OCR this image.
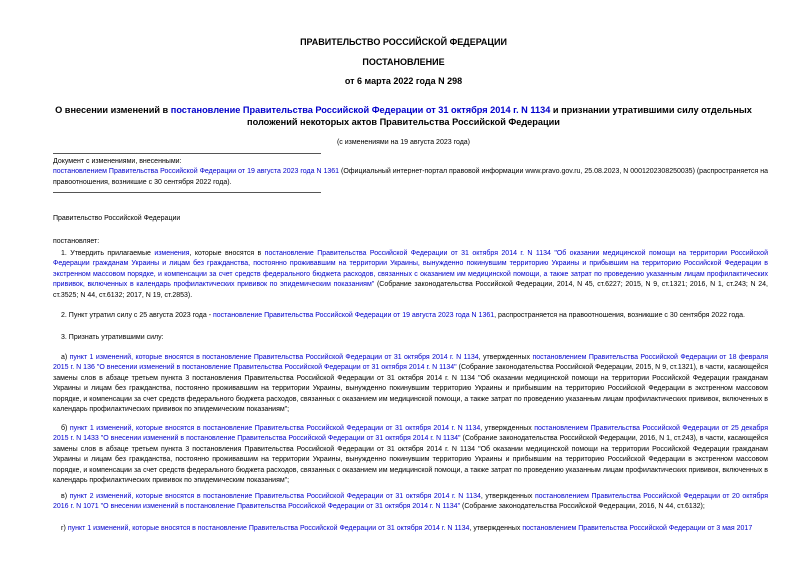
ПРАВИТЕЛЬСТВО РОССИЙСКОЙ ФЕДЕРАЦИИ
ПОСТАНОВЛЕНИЕ
от 6 марта 2022 года N 298
О внесении изменений в постановление Правительства Российской Федерации от 31 октября 2014 г. N 1134 и признании утратившими силу отдельных положений некоторых актов Правительства Российской Федерации
(с изменениями на 19 августа 2023 года)
Документ с изменениями, внесенными:
постановлением Правительства Российской Федерации от 19 августа 2023 года N 1361 (Официальный интернет-портал правовой информации www.pravo.gov.ru, 25.08.2023, N 0001202308250035) (распространяется на правоотношения, возникшие с 30 сентября 2022 года).
Правительство Российской Федерации
постановляет:
1. Утвердить прилагаемые изменения, которые вносятся в постановление Правительства Российской Федерации от 31 октября 2014 г. N 1134 "Об оказании медицинской помощи на территории Российской Федерации гражданам Украины и лицам без гражданства, постоянно проживавшим на территории Украины, вынужденно покинувшим территорию Украины и прибывшим на территорию Российской Федерации в экстренном массовом порядке, и компенсации за счет средств федерального бюджета расходов, связанных с оказанием им медицинской помощи, а также затрат по проведению указанным лицам профилактических прививок, включенных в календарь профилактических прививок по эпидемическим показаниям" (Собрание законодательства Российской Федерации, 2014, N 45, ст.6227; 2015, N 9, ст.1321; 2016, N 1, ст.243; N 24, ст.3525; N 44, ст.6132; 2017, N 19, ст.2853).
2. Пункт утратил силу с 25 августа 2023 года - постановление Правительства Российской Федерации от 19 августа 2023 года N 1361, распространяется на правоотношения, возникшие с 30 сентября 2022 года.
3. Признать утратившими силу:
а) пункт 1 изменений, которые вносятся в постановление Правительства Российской Федерации от 31 октября 2014 г. N 1134, утвержденных постановлением Правительства Российской Федерации от 18 февраля 2015 г. N 136 "О внесении изменений в постановление Правительства Российской Федерации от 31 октября 2014 г. N 1134" (Собрание законодательства Российской Федерации, 2015, N 9, ст.1321), в части, касающейся замены слов в абзаце третьем пункта 3 постановления Правительства Российской Федерации от 31 октября 2014 г. N 1134 "Об оказании медицинской помощи на территории Российской Федерации гражданам Украины и лицам без гражданства, постоянно проживавшим на территории Украины, вынужденно покинувшим территорию Украины и прибывшим на территорию Российской Федерации в экстренном массовом порядке, и компенсации за счет средств федерального бюджета расходов, связанных с оказанием им медицинской помощи, а также затрат по проведению указанным лицам профилактических прививок, включенных в календарь профилактических прививок по эпидемическим показаниям";
б) пункт 1 изменений, которые вносятся в постановление Правительства Российской Федерации от 31 октября 2014 г. N 1134, утвержденных постановлением Правительства Российской Федерации от 25 декабря 2015 г. N 1433 "О внесении изменений в постановление Правительства Российской Федерации от 31 октября 2014 г. N 1134" (Собрание законодательства Российской Федерации, 2016, N 1, ст.243), в части, касающейся замены слов в абзаце третьем пункта 3 постановления Правительства Российской Федерации от 31 октября 2014 г. N 1134 "Об оказании медицинской помощи на территории Российской Федерации гражданам Украины и лицам без гражданства, постоянно проживавшим на территории Украины, вынужденно покинувшим территорию Украины и прибывшим на территорию Российской Федерации в экстренном массовом порядке, и компенсации за счет средств федерального бюджета расходов, связанных с оказанием им медицинской помощи, а также затрат по проведению указанным лицам профилактических прививок, включенных в календарь профилактических прививок по эпидемическим показаниям";
в) пункт 2 изменений, которые вносятся в постановление Правительства Российской Федерации от 31 октября 2014 г. N 1134, утвержденных постановлением Правительства Российской Федерации от 20 октября 2016 г. N 1071 "О внесении изменений в постановление Правительства Российской Федерации от 31 октября 2014 г. N 1134" (Собрание законодательства Российской Федерации, 2016, N 44, ст.6132);
г) пункт 1 изменений, которые вносятся в постановление Правительства Российской Федерации от 31 октября 2014 г. N 1134, утвержденных постановлением Правительства Российской Федерации от 3 мая 2017
